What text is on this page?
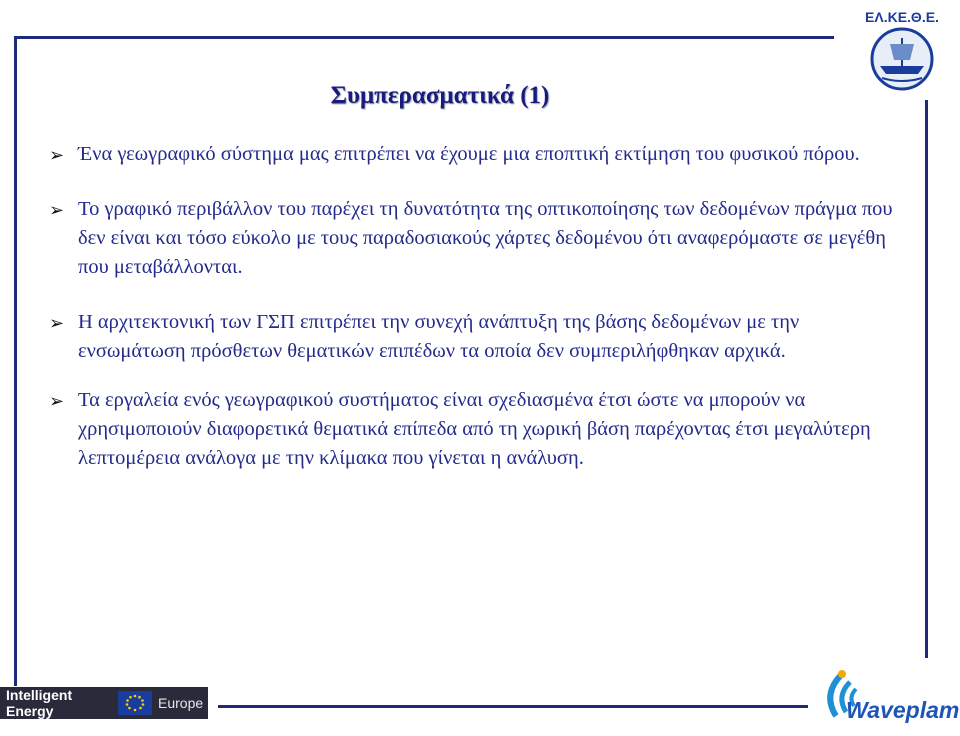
ΕΛ.ΚΕ.Θ.Ε.
Συμπερασματικά (1)
➢ Ένα γεωγραφικό σύστημα μας επιτρέπει να έχουμε μια εποπτική εκτίμηση του φυσικού πόρου.
➢ Το γραφικό περιβάλλον του παρέχει τη δυνατότητα της οπτικοποίησης των δεδομένων πράγμα που δεν είναι και τόσο εύκολο με τους παραδοσιακούς χάρτες δεδομένου ότι αναφερόμαστε σε μεγέθη που μεταβάλλονται.
➢ Η αρχιτεκτονική των ΓΣΠ επιτρέπει την συνεχή ανάπτυξη της βάσης δεδομένων με την ενσωμάτωση πρόσθετων θεματικών επιπέδων τα οποία δεν συμπεριλήφθηκαν αρχικά.
➢ Τα εργαλεία ενός γεωγραφικού συστήματος είναι σχεδιασμένα έτσι ώστε να μπορούν να χρησιμοποιούν διαφορετικά θεματικά επίπεδα από τη χωρική βάση παρέχοντας έτσι μεγαλύτερη λεπτομέρεια ανάλογα με την κλίμακα που γίνεται η ανάλυση.
Intelligent Energy	Europe	Waveplam
